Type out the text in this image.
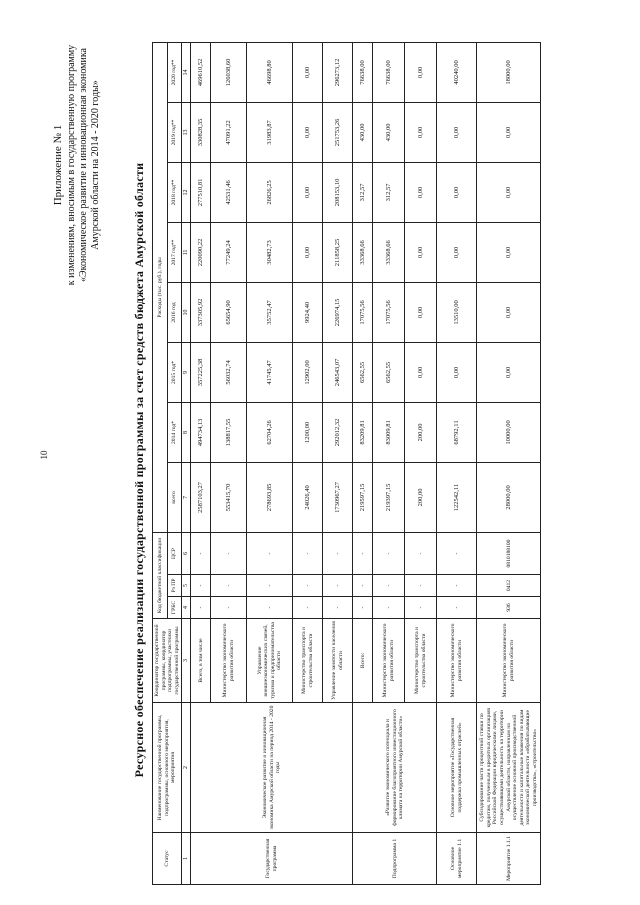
10
Приложение № 1 к изменениям, вносимым в государственную программу «Экономическое развитие и инновационная экономика Амурской области на 2014 - 2020 годы»	Ресурсное обеспечение реализации государственной программы за счет средств бюджета Амурской области
Статус	Наименование государственной программы, подпрограммы, основного мероприятия, мероприятия	Координатор государственной программы, координатор подпрограммы, участники государственной программы	Код бюджетной классификации			Расходы (тыс. руб.), годы							
			ГРБС	Рз ПР	ЦСР	всего	2014 год*	2015 год*	2016 год	2017 год**	2018 год**	2019 год**	2020 год**
1	2	3	4	5	6	7	8	9	10	11	12	13	14
Государственная программа	Экономическое развитие и инновационная экономика Амурской области на период 2014 - 2020 годы	Всего, в том числе	-	-	-	2587103,27	494734,13	357225,38	337305,92	220090,22	277510,81	330828,35	469610,52
		Министерство экономического развития области	-	-	-	553415,70	138817,55	56032,74	65654,90	77249,24	42531,46	47091,22	126038,60
		Управление внешнеэкономических связей, туризма и предпринимательства области	-	-	-	278693,85	62704,26	41745,47	35752,47	30482,73	26826,25	31983,87	46698,80
		Министерство транспорта и строительства области	-	-	-	24026,40	1200,00	12902,00	9924,40	0,00	0,00	0,00	0,00
		Управление занятости населения области	-	-	-	1730967,27	292012,32	246543,07	226974,15	211858,25	208153,10	251753,26	296273,12
Подпрограмма 1	«Развитие экономического потенциала и формирование благоприятного инвестиционного климата на территории Амурской области»	Всего:	-	-	-	219597,15	83209,81	6562,55	17075,56	33368,66	312,57	430,00	76638,00
		Министерство экономического развития области	-	-	-	219397,15	83009,81	6562,55	17075,56	33368,66	312,57	430,00	76638,00
		Министерство транспорта и строительства области	-	-	-	200,00	200,00	0,00	0,00	0,00	0,00	0,00	0,00
Основное мероприятие 1.1	Основное мероприятие «Государственная поддержка промышленных отраслей»	Министерство экономического развития области	-	-	-	122542,11	68792,11	0,00	13510,00	0,00	0,00	0,00	40240,00
Мероприятие 1.1.1	Субсидирование части процентной ставки по кредитам, полученным в кредитных организациях Российской Федерации юридическими лицами, осуществляющими деятельность на территории Амурской области, направленным на осуществление основной производственной деятельности и капитальные вложения по видам экономической деятельности «обрабатывающие производства», «строительство»	Министерство экономического развития области	936	0412	0810188100	28000,00	10000,00	0,00	0,00	0,00	0,00	0,00	18000,00
